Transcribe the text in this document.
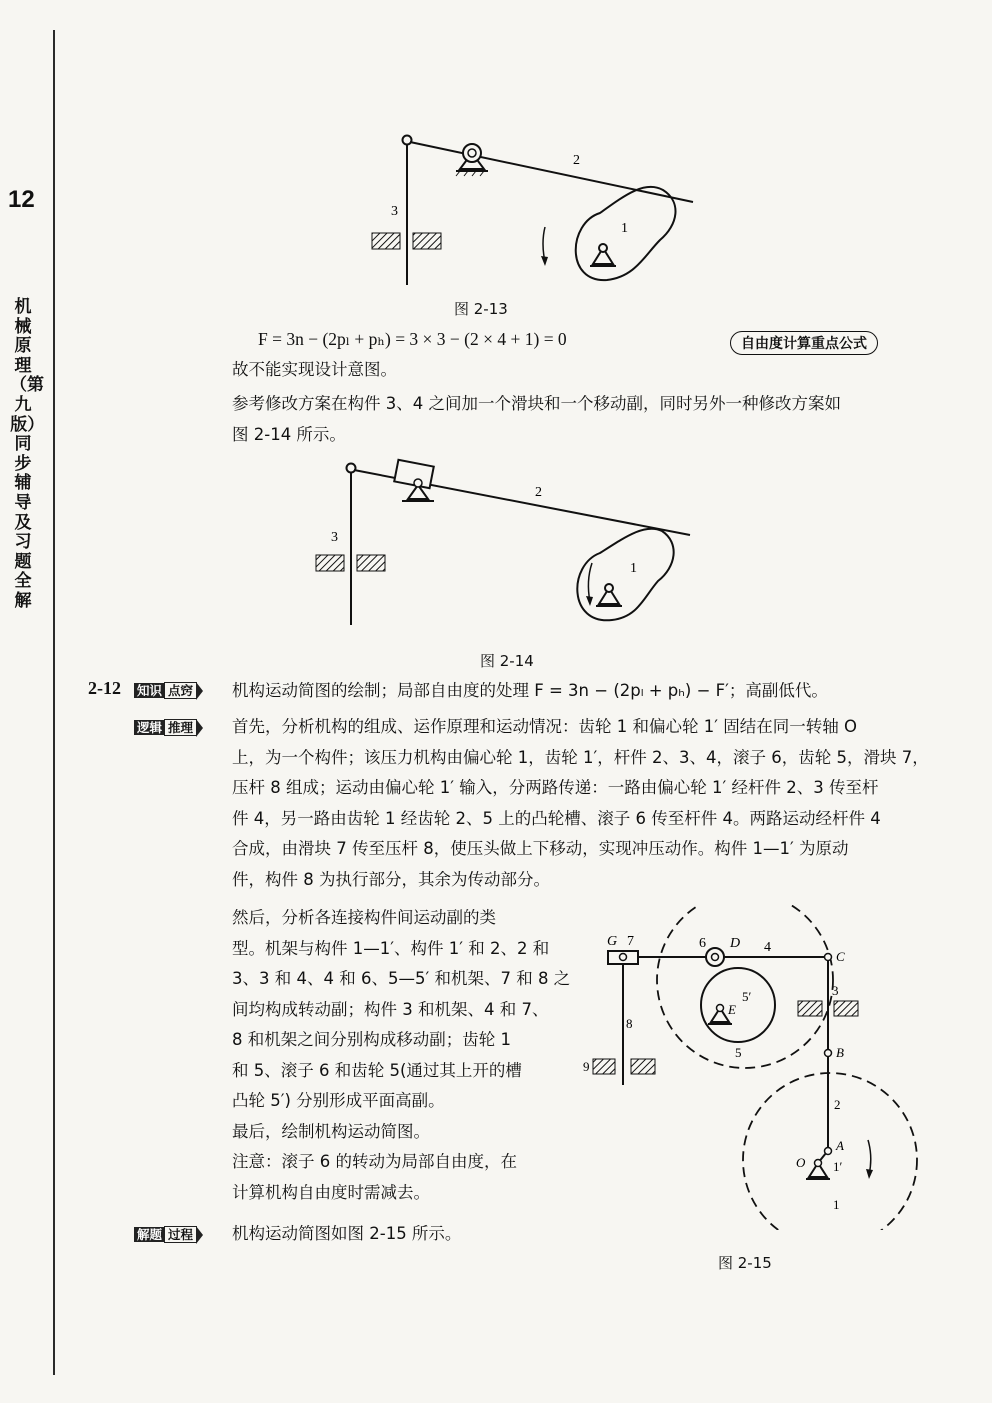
12
机械原理（第九版）同步辅导及习题全解
2
3
1
图 2-13
F = 3n − (2pₗ + pₕ) = 3 × 3 − (2 × 4 + 1) = 0	自由度计算重点公式
故不能实现设计意图。
参考修改方案在构件 3、4 之间加一个滑块和一个移动副，同时另外一种修改方案如
图 2-14 所示。
2
3
1
图 2-14
2-12 知识 点窍	机构运动简图的绘制；局部自由度的处理 F = 3n − (2pₗ + pₕ) − F′；高副低代。
逻辑 推理	首先，分析机构的组成、运作原理和运动情况：齿轮 1 和偏心轮 1′ 固结在同一转轴 O
上，为一个构件；该压力机构由偏心轮 1，齿轮 1′，杆件 2、3、4，滚子 6，齿轮 5，滑块 7，
压杆 8 组成；运动由偏心轮 1′ 输入，分两路传递：一路由偏心轮 1′ 经杆件 2、3 传至杆
件 4，另一路由齿轮 1 经齿轮 2、5 上的凸轮槽、滚子 6 传至杆件 4。两路运动经杆件 4
合成，由滑块 7 传至压杆 8，使压头做上下移动，实现冲压动作。构件 1—1′ 为原动
件，构件 8 为执行部分，其余为传动部分。
然后，分析各连接构件间运动副的类
型。机架与构件 1—1′、构件 1′ 和 2、2 和
3、3 和 4、4 和 6、5—5′ 和机架、7 和 8 之
间均构成转动副；构件 3 和机架、4 和 7、
8 和机架之间分别构成移动副；齿轮 1
和 5、滚子 6 和齿轮 5(通过其上开的槽
凸轮 5′) 分别形成平面高副。
最后，绘制机构运动简图。
注意：滚子 6 的转动为局部自由度，在
计算机构自由度时需减去。
解题 过程	机构运动简图如图 2-15 所示。
G 7	6 D 4
C
E
5′	3
8
5
9
B
2
A
O 1′
1
图 2-15
